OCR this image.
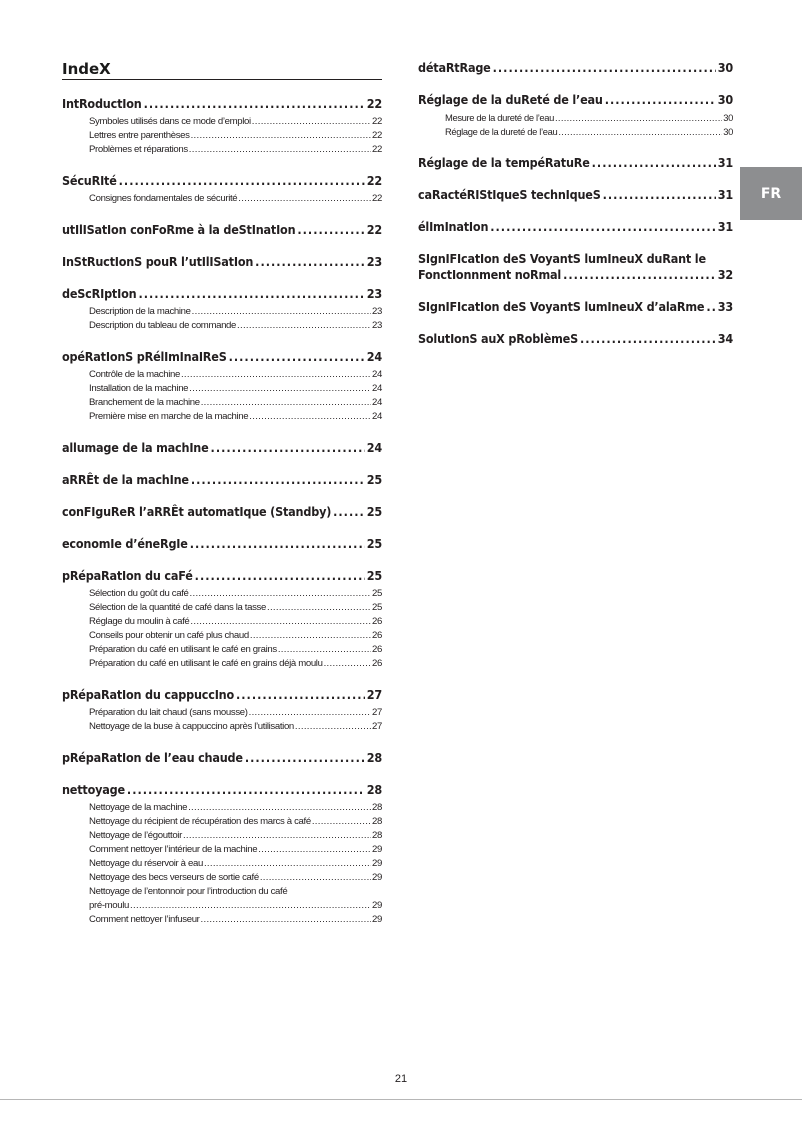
IndeX
IntRoductIon .....	22
Symboles utilisés dans ce mode d’emploi .....	22
Lettres entre parenthèses .....	22
Problèmes et réparations .....	22
SécuRIté .....	22
Consignes fondamentales de sécurité .....	22
utIlISatIon conFoRme à la deStInatIon .....	22
InStRuctIonS pouR l’utIlISatIon .....	23
deScRIptIon .....	23
Description de la machine .....	23
Description du tableau de commande .....	23
opéRatIonS pRélImInaIReS .....	24
Contrôle de la machine .....	24
Installation de la machine .....	24
Branchement de la machine .....	24
Première mise en marche de la machine .....	24
allumage de la machIne .....	24
aRRÊt de la machIne .....	25
conFIguReR l’aRRÊt automatIque (Standby) .....	25
economIe d’éneRgIe .....	25
pRépaRatIon du caFé .....	25
Sélection du goût du café .....	25
Sélection de la quantité de café dans la tasse .....	25
Réglage du moulin à café .....	26
Conseils pour obtenir un café plus chaud .....	26
Préparation du café en utilisant le café en grains .....	26
Préparation du café en utilisant le café en grains déjà moulu .....	26
pRépaRatIon du cappuccIno .....	27
Préparation du lait chaud (sans mousse) .....	27
Nettoyage de la buse à cappuccino après l’utilisation .....	27
pRépaRatIon de l’eau chaude .....	28
nettoyage .....	28
Nettoyage de la machine .....	28
Nettoyage du récipient de récupération des marcs à café .....	28
Nettoyage de l’égouttoir .....	28
Comment nettoyer l’intérieur de la machine .....	29
Nettoyage du réservoir à eau .....	29
Nettoyage des becs verseurs de sortie café .....	29
Nettoyage de l’entonnoir pour l’introduction du café
pré-moulu .....	29
Comment nettoyer l’infuseur .....	29
détaRtRage .....	30
Réglage de la duReté de l’eau .....	30
Mesure de la dureté de l’eau .....	30
Réglage de la dureté de l’eau .....	30
Réglage de la tempéRatuRe .....	31
caRactéRIStIqueS technIqueS .....	31
élImInatIon .....	31
SIgnIFIcatIon deS VoyantS lumIneuX duRant le
FonctIonnment noRmal .....	32
SIgnIFIcatIon deS VoyantS lumIneuX d’alaRme ..... 33
SolutIonS auX pRoblèmeS .....	34
FR
21
